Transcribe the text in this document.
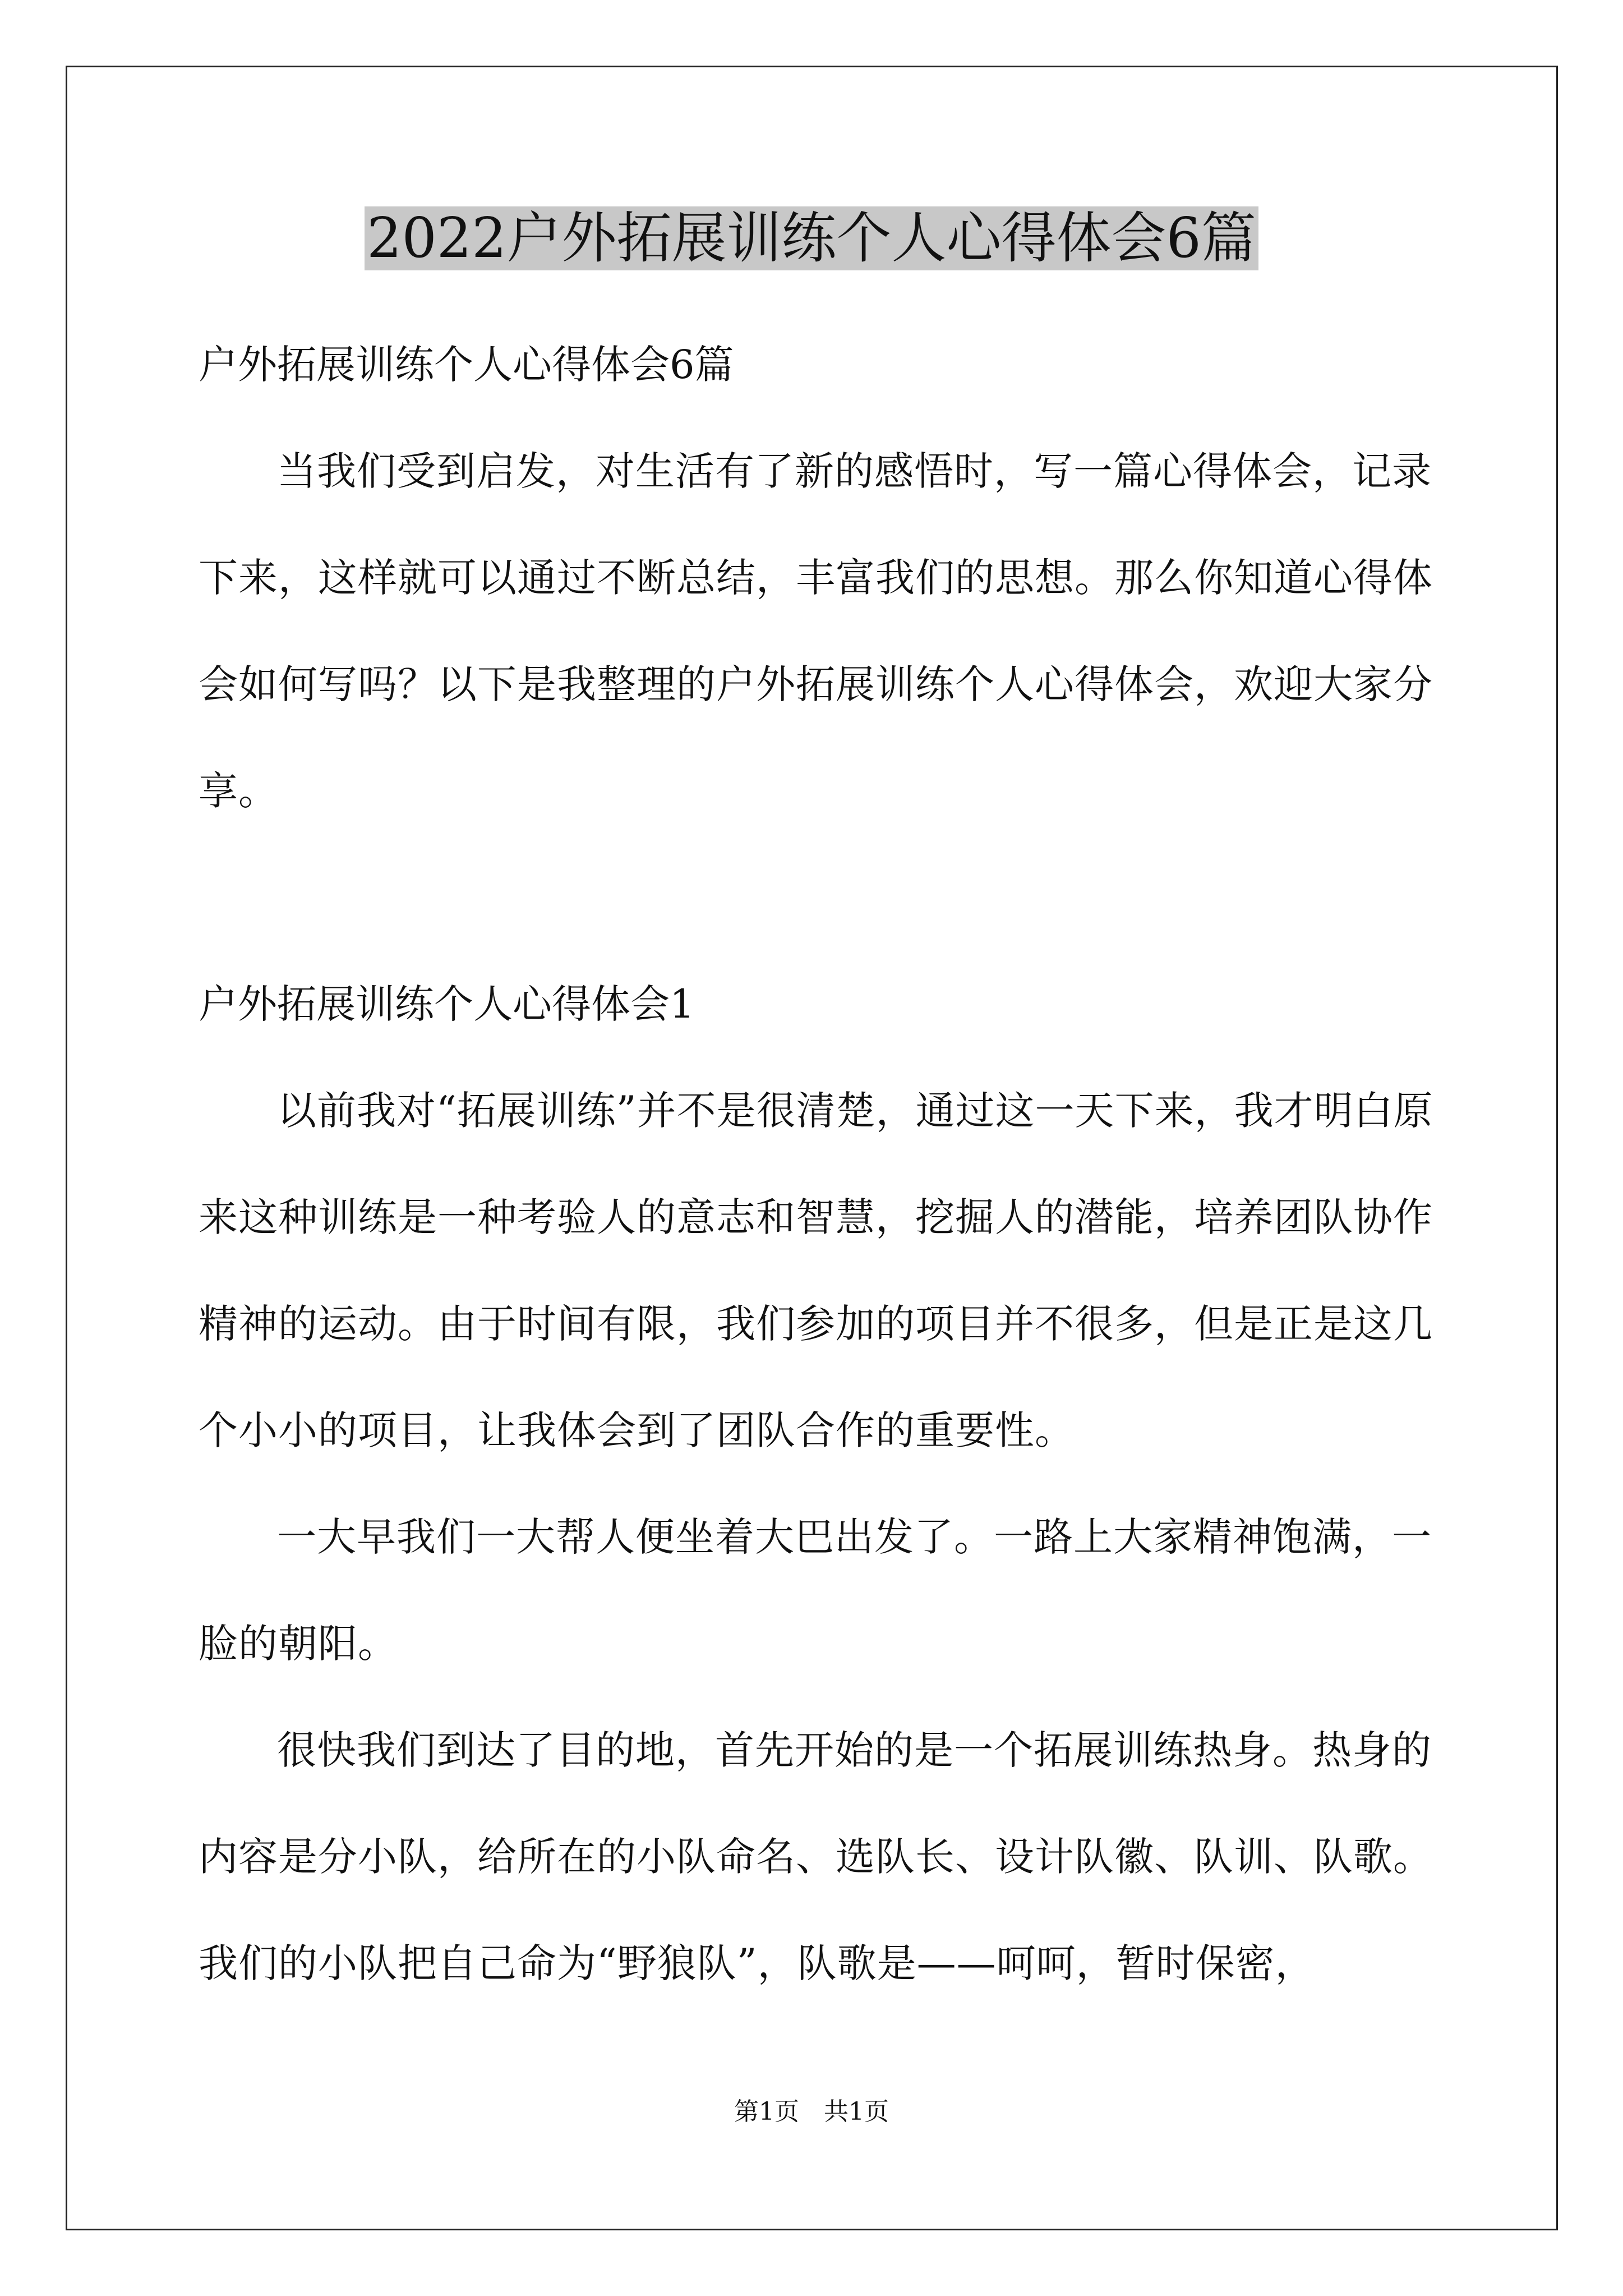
2022户外拓展训练个人心得体会6篇

户外拓展训练个人心得体会6篇

当我们受到启发，对生活有了新的感悟时，写一篇心得体会，记录下来，这样就可以通过不断总结，丰富我们的思想。那么你知道心得体会如何写吗？以下是我整理的户外拓展训练个人心得体会，欢迎大家分享。

户外拓展训练个人心得体会1

以前我对“拓展训练”并不是很清楚，通过这一天下来，我才明白原来这种训练是一种考验人的意志和智慧，挖掘人的潜能，培养团队协作精神的运动。由于时间有限，我们参加的项目并不很多，但是正是这几个小小的项目，让我体会到了团队合作的重要性。

一大早我们一大帮人便坐着大巴出发了。一路上大家精神饱满，一脸的朝阳。

很快我们到达了目的地，首先开始的是一个拓展训练热身。热身的内容是分小队，给所在的小队命名、选队长、设计队徽、队训、队歌。我们的小队把自己命为“野狼队”，队歌是——呵呵，暂时保密，

第1页　共1页
